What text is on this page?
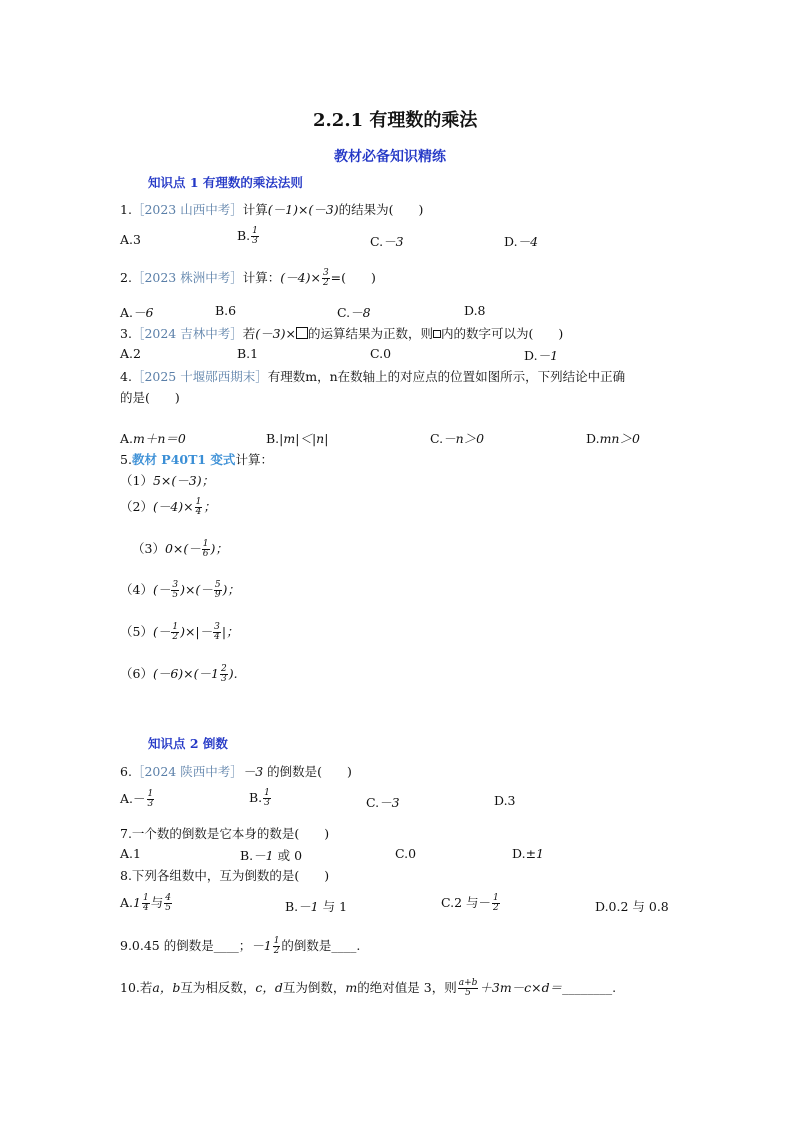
2.2.1 有理数的乘法
教材必备知识精练
知识点 1 有理数的乘法法则
1.［2023 山西中考］计算(－1)×(－3)的结果为(　　)
A.3	B. $\frac{1}{3}$	C.－3	D.－4
2.［2023 株洲中考］计算：$(-4)\times \frac{3}{2}$ =(　　)
A.－6	B.6	C.－8	D.8
3.［2024 吉林中考］若(－3)× 的运算结果为正数，则 内的数字可以为(　　)
A.2	B.1	C.0	D.－1
4.［2025 十堰郧西期末］有理数m，n在数轴上的对应点的位置如图所示，下列结论中正确
的是(　　)
A.m＋n＝0	B.|m|＜|n|	C.－n＞0	D.mn＞0
5.教材 P40T1 变式计算：
（1）5×(－3)；
$(2)(-4)\times \frac{1}{4}$ ；
$(3)0\times(- \frac{1}{6}$ )；
$(4)(- \frac{3}{5}$ )×(－ $\frac{5}{9}$ )；
$(5)(- \frac{1}{2}$ )×|－ $\frac{3}{4}$ |；
$(6)(-6)\times(-1 \frac{2}{3}$ ).
知识点 2 倒数
6.［2024 陕西中考］－3 的倒数是(　　)
$A.- \frac{1}{3}$	B. $\frac{1}{3}$	C.－3	D.3
7.一个数的倒数是它本身的数是(　　)
A.1	B.－1 或 0	C.0	D.±1
8.下列各组数中，互为倒数的是(　　)
$A.1 \frac{1}{4}$ 与 $\frac{4}{5}$	B.－1 与 1	C.2 与－ $\frac{1}{2}$	D.0.2 与 0.8
9.0.45 的倒数是____；$-1 \frac{1}{2}$ 的倒数是____.
10.若a，b互为相反数，c，d互为倒数，m的绝对值是 3，则 $\frac{a+b}{5}$ ＋3m－c×d＝________.
